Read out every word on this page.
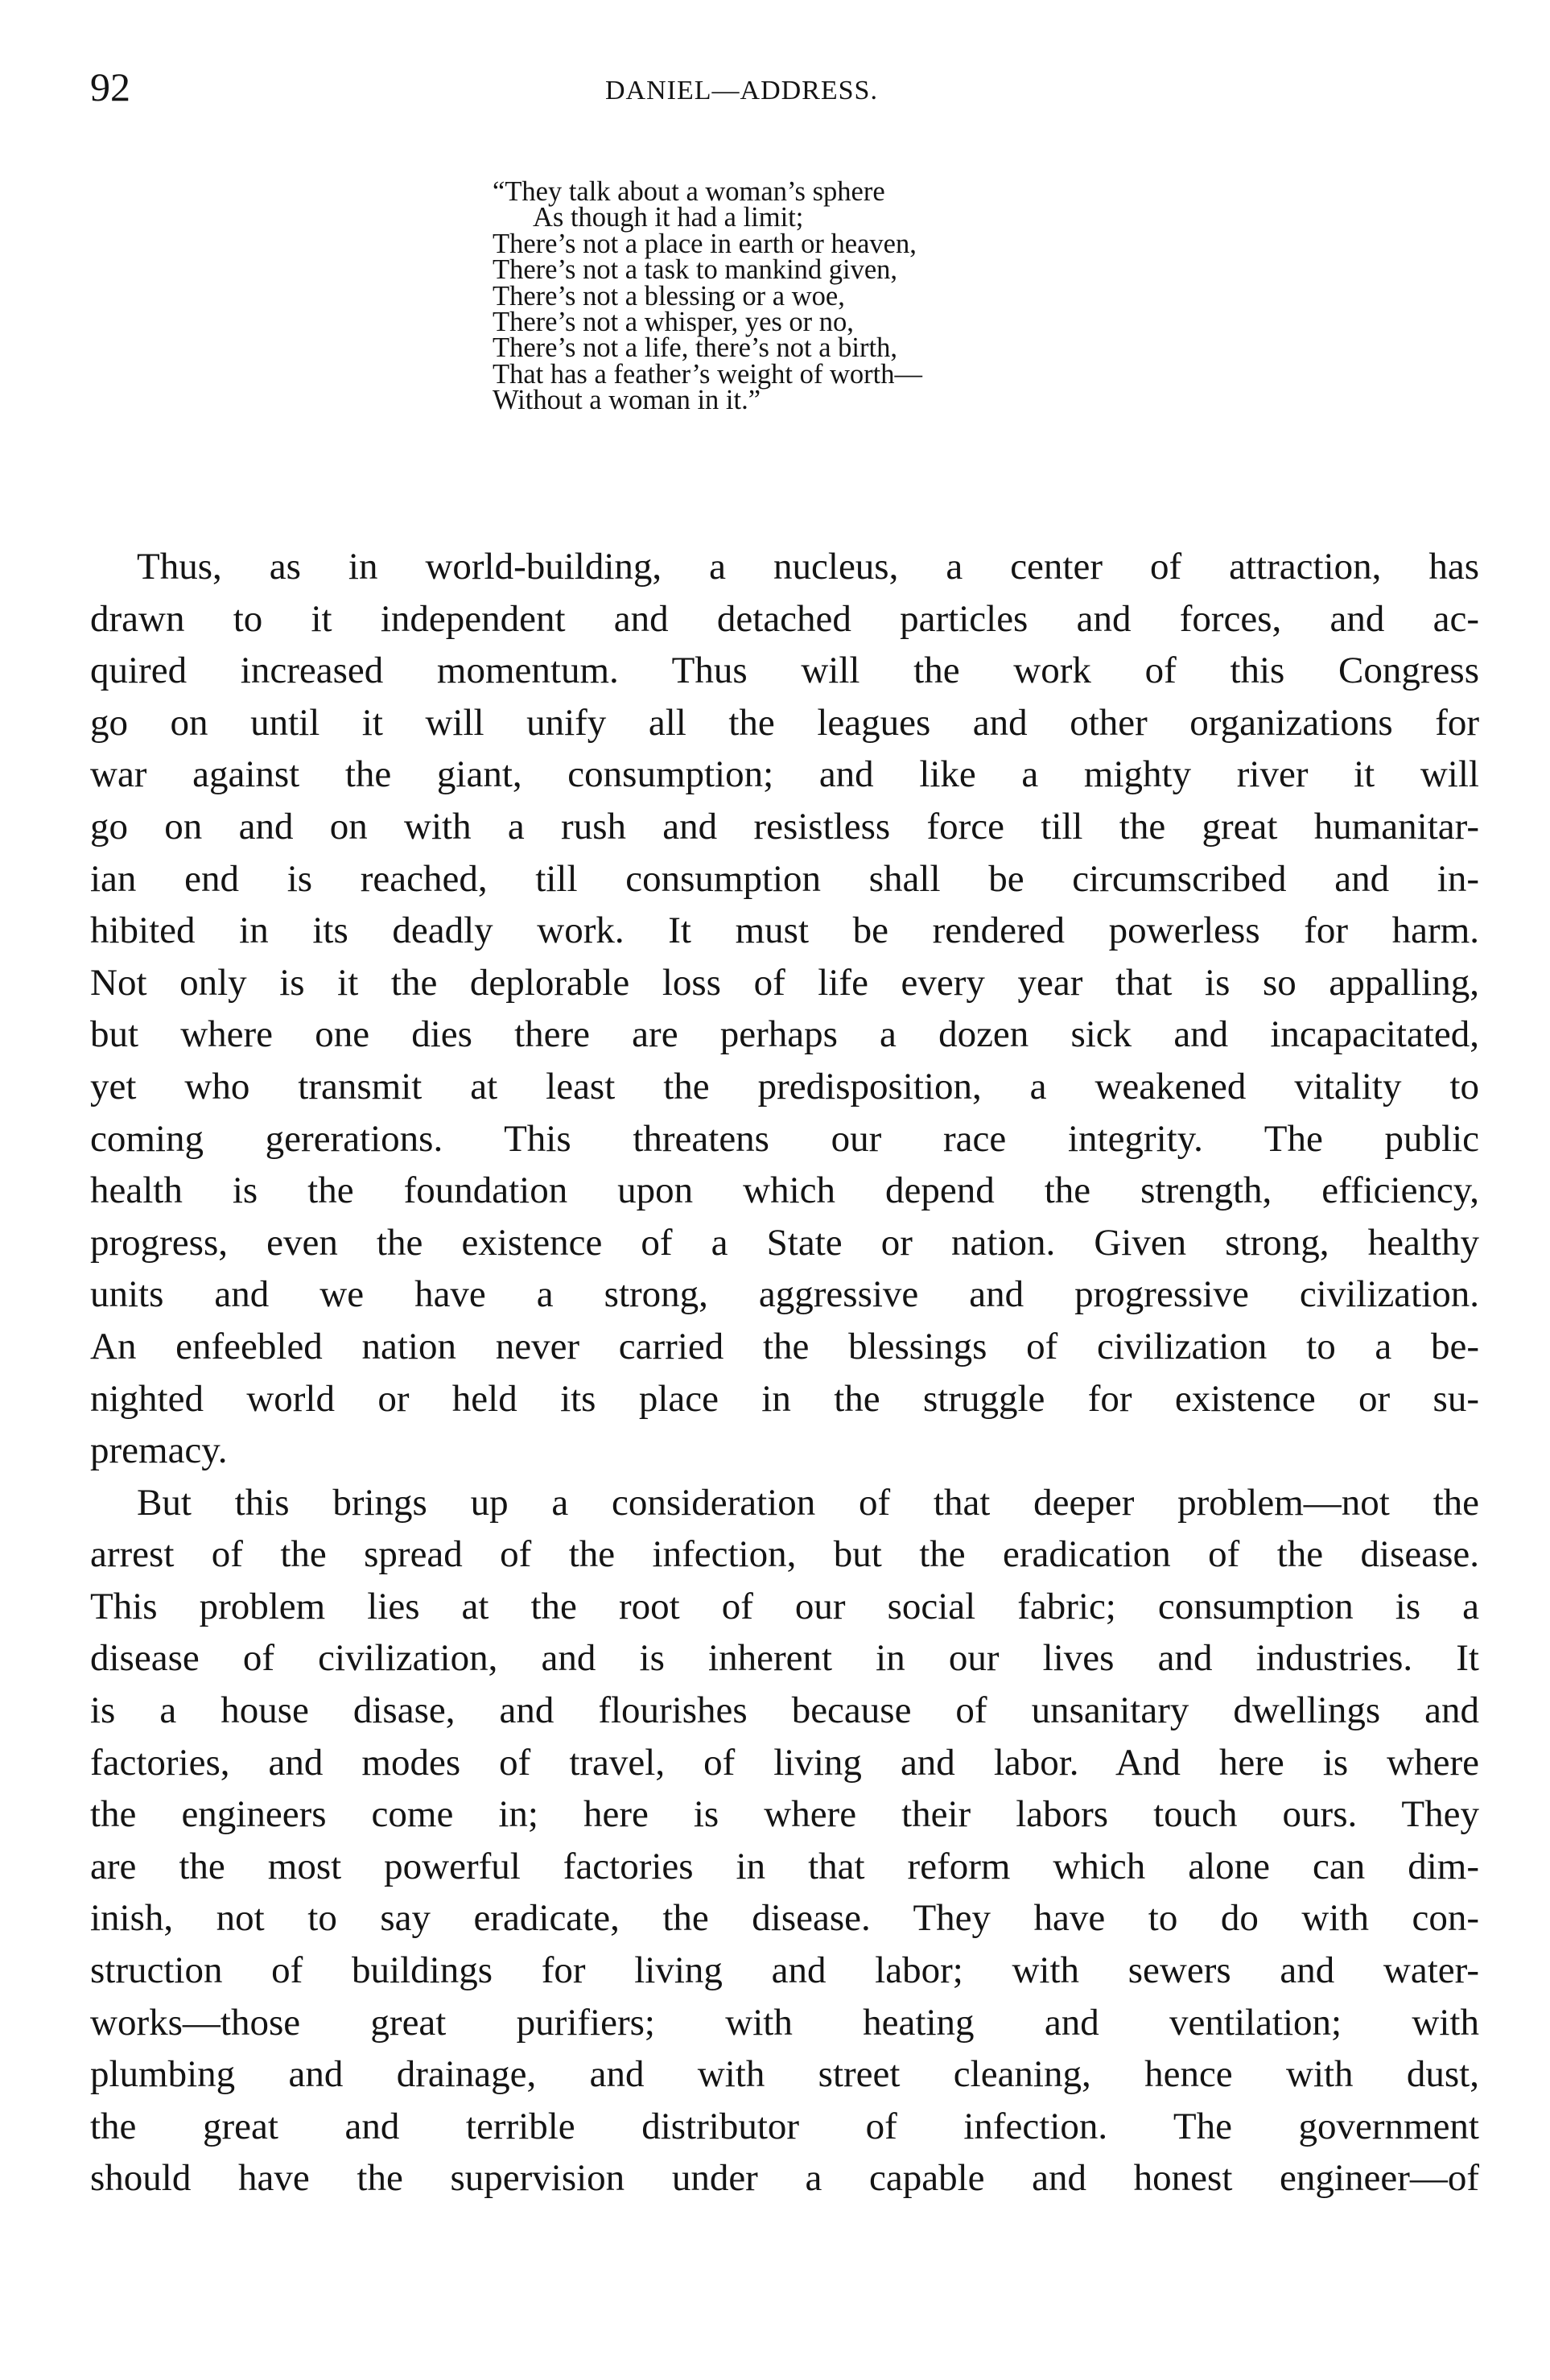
92	DANIEL—ADDRESS.
“They talk about a woman’s sphere
As though it had a limit;
There’s not a place in earth or heaven,
There’s not a task to mankind given,
There’s not a blessing or a woe,
There’s not a whisper, yes or no,
There’s not a life, there’s not a birth,
That has a feather’s weight of worth—
Without a woman in it.”
Thus, as in world-building, a nucleus, a center of attraction, has
drawn to it independent and detached particles and forces, and ac-
quired increased momentum. Thus will the work of this Congress
go on until it will unify all the leagues and other organizations for
war against the giant, consumption; and like a mighty river it will
go on and on with a rush and resistless force till the great humanitar-
ian end is reached, till consumption shall be circumscribed and in-
hibited in its deadly work. It must be rendered powerless for harm.
Not only is it the deplorable loss of life every year that is so appalling,
but where one dies there are perhaps a dozen sick and incapacitated,
yet who transmit at least the predisposition, a weakened vitality to
coming gererations. This threatens our race integrity. The public
health is the foundation upon which depend the strength, efficiency,
progress, even the existence of a State or nation. Given strong, healthy
units and we have a strong, aggressive and progressive civilization.
An enfeebled nation never carried the blessings of civilization to a be-
nighted world or held its place in the struggle for existence or su-
premacy.
But this brings up a consideration of that deeper problem—not the
arrest of the spread of the infection, but the eradication of the disease.
This problem lies at the root of our social fabric; consumption is a
disease of civilization, and is inherent in our lives and industries. It
is a house disase, and flourishes because of unsanitary dwellings and
factories, and modes of travel, of living and labor. And here is where
the engineers come in; here is where their labors touch ours. They
are the most powerful factories in that reform which alone can dim-
inish, not to say eradicate, the disease. They have to do with con-
struction of buildings for living and labor; with sewers and water-
works—those great purifiers; with heating and ventilation; with
plumbing and drainage, and with street cleaning, hence with dust,
the great and terrible distributor of infection. The government
should have the supervision under a capable and honest engineer—of
